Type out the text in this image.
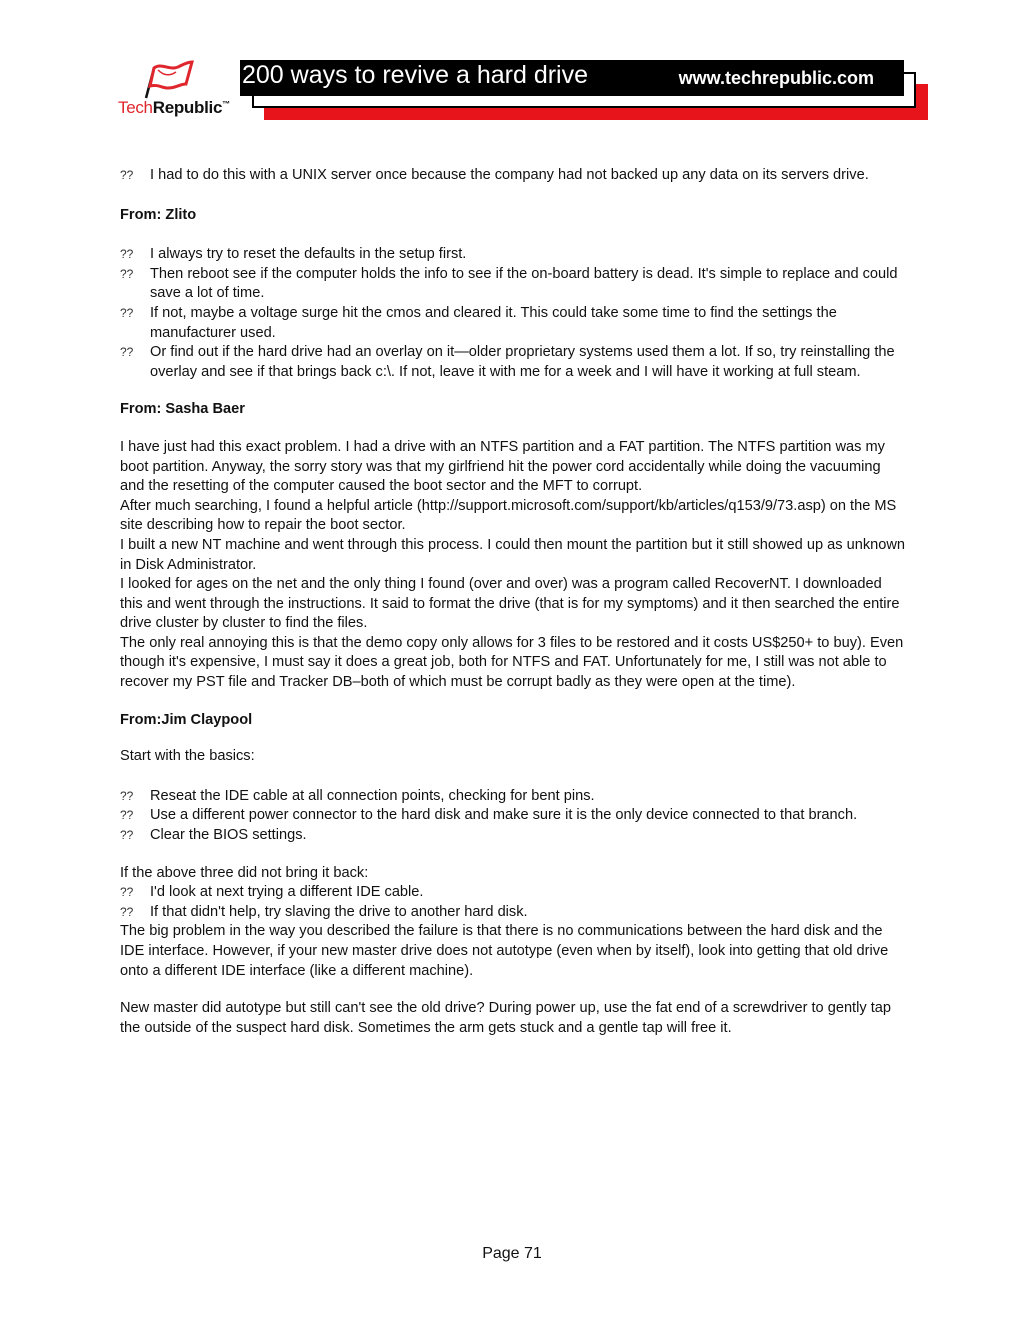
TechRepublic™
200 ways to revive a hard drive	www.techrepublic.com
?? I had to do this with a UNIX server once because the company had not backed up any data on its servers drive.

From: Zlito

?? I always try to reset the defaults in the setup first.
?? Then reboot see if the computer holds the info to see if the on-board battery is dead. It's simple to replace and could save a lot of time.
?? If not, maybe a voltage surge hit the cmos and cleared it. This could take some time to find the settings the manufacturer used.
?? Or find out if the hard drive had an overlay on it—older proprietary systems used them a lot. If so, try reinstalling the overlay and see if that brings back c:\. If not, leave it with me for a week and I will have it working at full steam.

From: Sasha Baer

I have just had this exact problem. I had a drive with an NTFS partition and a FAT partition. The NTFS partition was my boot partition. Anyway, the sorry story was that my girlfriend hit the power cord accidentally while doing the vacuuming and the resetting of the computer caused the boot sector and the MFT to corrupt.

After much searching, I found a helpful article (http://support.microsoft.com/support/kb/articles/q153/9/73.asp) on the MS site describing how to repair the boot sector.

I built a new NT machine and went through this process. I could then mount the partition but it still showed up as unknown in Disk Administrator.

I looked for ages on the net and the only thing I found (over and over) was a program called RecoverNT. I downloaded this and went through the instructions. It said to format the drive (that is for my symptoms) and it then searched the entire drive cluster by cluster to find the files.

The only real annoying this is that the demo copy only allows for 3 files to be restored and it costs US$250+ to buy). Even though it's expensive, I must say it does a great job, both for NTFS and FAT. Unfortunately for me, I still was not able to recover my PST file and Tracker DB–both of which must be corrupt badly as they were open at the time).

From:Jim Claypool

Start with the basics:

?? Reseat the IDE cable at all connection points, checking for bent pins.
?? Use a different power connector to the hard disk and make sure it is the only device connected to that branch.
?? Clear the BIOS settings.

If the above three did not bring it back:

?? I'd look at next trying a different IDE cable.
?? If that didn't help, try slaving the drive to another hard disk.

The big problem in the way you described the failure is that there is no communications between the hard disk and the IDE interface. However, if your new master drive does not autotype (even when by itself), look into getting that old drive onto a different IDE interface (like a different machine).

New master did autotype but still can't see the old drive? During power up, use the fat end of a screwdriver to gently tap the outside of the suspect hard disk. Sometimes the arm gets stuck and a gentle tap will free it.

Page 71
